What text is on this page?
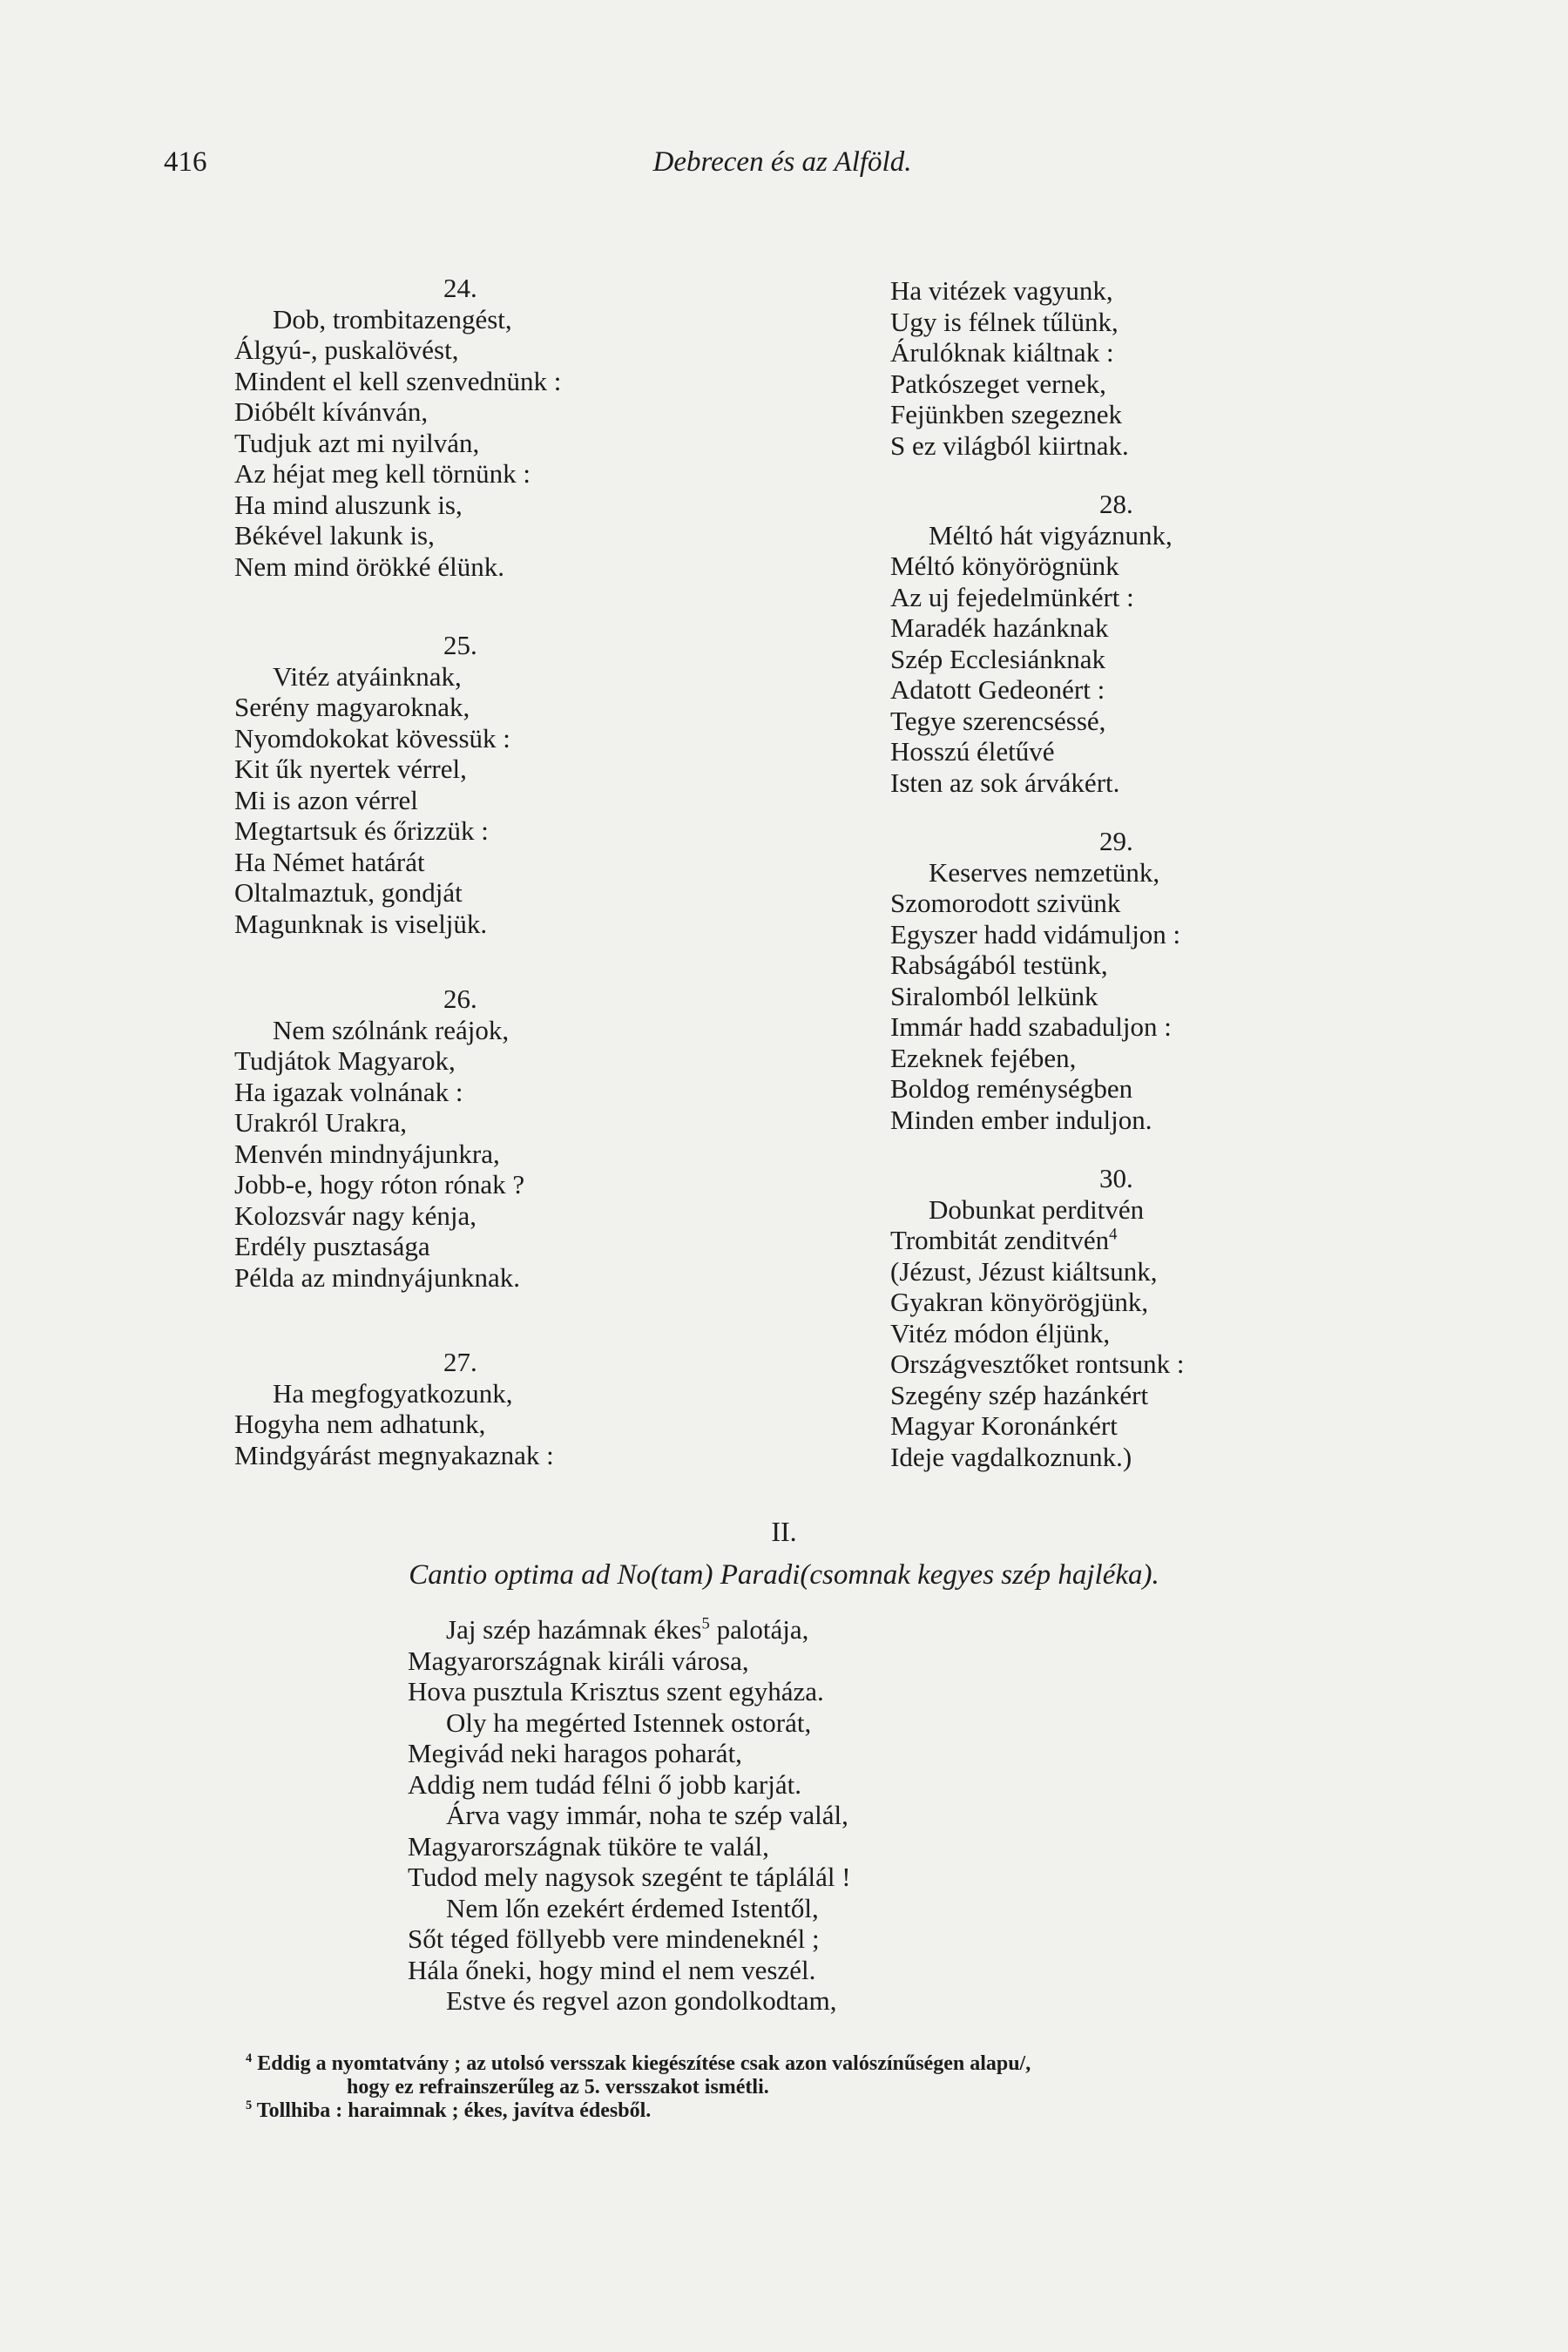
416	Debrecen és az Alföld.
24.
Dob, trombitazengést,
Álgyú-, puskalövést,
Mindent el kell szenvednünk :
Dióbélt kívánván,
Tudjuk azt mi nyilván,
Az héjat meg kell törnünk :
Ha mind aluszunk is,
Békével lakunk is,
Nem mind örökké élünk.
25.
Vitéz atyáinknak,
Serény magyaroknak,
Nyomdokokat kövessük :
Kit űk nyertek vérrel,
Mi is azon vérrel
Megtartsuk és őrizzük :
Ha Német határát
Oltalmaztuk, gondját
Magunknak is viseljük.
26.
Nem szólnánk reájok,
Tudjátok Magyarok,
Ha igazak volnának :
Urakról Urakra,
Menvén mindnyájunkra,
Jobb-e, hogy róton rónak ?
Kolozsvár nagy kénja,
Erdély pusztasága
Példa az mindnyájunknak.
27.
Ha megfogyatkozunk,
Hogyha nem adhatunk,
Mindgyárást megnyakaznak :
Ha vitézek vagyunk,
Ugy is félnek tűlünk,
Árulóknak kiáltnak :
Patkószeget vernek,
Fejünkben szegeznek
S ez világból kiirtnak.
28.
Méltó hát vigyáznunk,
Méltó könyörögnünk
Az uj fejedelmünkért :
Maradék hazánknak
Szép Ecclesiánknak
Adatott Gedeonért :
Tegye szerencséssé,
Hosszú életűvé
Isten az sok árvákért.
29.
Keserves nemzetünk,
Szomorodott szivünk
Egyszer hadd vidámuljon :
Rabságából testünk,
Siralomból lelkünk
Immár hadd szabaduljon :
Ezeknek fejében,
Boldog reménységben
Minden ember induljon.
30.
Dobunkat perditvén
Trombitát zenditvén$^4$
(Jézust, Jézust kiáltsunk,
Gyakran könyörögjünk,
Vitéz módon éljünk,
Országvesztőket rontsunk :
Szegény szép hazánkért
Magyar Koronánkért
Ideje vagdalkoznunk.)
II.
Cantio optima ad No(tam) Paradi(csomnak kegyes szép hajléka).
Jaj szép hazámnak ékes$^5$ palotája,
Magyarországnak királi városa,
Hova pusztula Krisztus szent egyháza.
Oly ha megérted Istennek ostorát,
Megivád neki haragos poharát,
Addig nem tudád félni ő jobb karját.
Árva vagy immár, noha te szép valál,
Magyarországnak tüköre te valál,
Tudod mely nagysok szegént te táplálál !
Nem lőn ezekért érdemed Istentől,
Sőt téged föllyebb vere mindeneknél ;
Hála őneki, hogy mind el nem veszél.
Estve és regvel azon gondolkodtam,
$^4$ Eddig a nyomtatvány ; az utolsó versszak kiegészítése csak azon valószínűségen alapu/,
hogy ez refrainszerűleg az 5. versszakot ismétli.
$^5$ Tollhiba : haraimnak ; ékes, javítva édesből.
